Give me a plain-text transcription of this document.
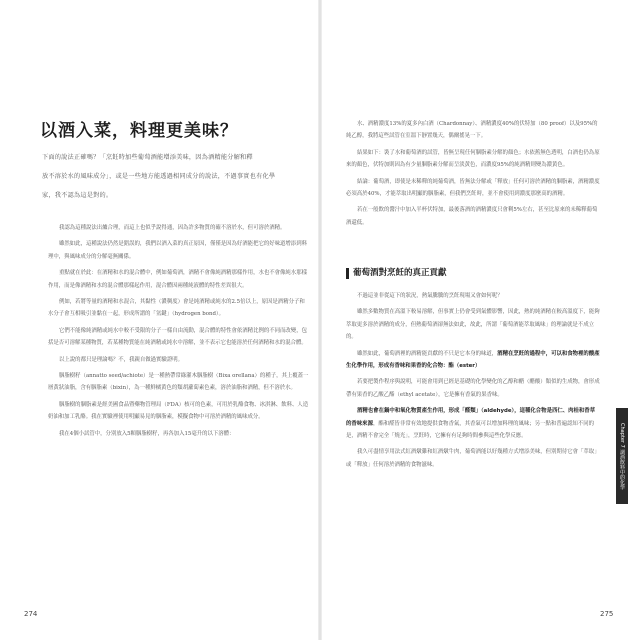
以酒入菜，料理更美味？

下面的說法正確嗎？「烹飪時加些葡萄酒能增添美味，因為酒精能分解和釋

放不溶於水的風味成分」，或是一些地方能透過相同成分的說法，不過事實也有化學

家，我不認為這是對的。

我認為這種說法出爐合理，而這上也似乎說得通，因為許多物質的確不溶於水，但可溶於酒精。

雖然如此，這種說法仍然是錯誤的，我們以酒入菜的真正原因，僅僅是因為好酒能把它的好味道增添到料理中，與風味成分的分解毫無關係。

重點就在於此：在酒精和水的混合體中，例如葡萄酒，酒精不會像純酒精那樣作用，水也不會像純水那樣作用，而是像酒精和水的混合體那樣起作用，混合體因兩種純液體的特性差異很大。

例如，若將等量的酒精和水混合，其黏性（濃稠度）會是純酒精或純水的2.5倍以上，原因是酒精分子和水分子會互相吸引並黏在一起，形成所謂的「氫鍵」（hydrogen bond）。

它們不能像純酒精或純水中較不受限的分子一樣自由流動，混合體的特性會依酒精比例的不同而改變，包括是否可溶解某種物質，若某種物質能在純酒精或純水中溶解，並不表示它也能溶於任何酒精和水的混合體。

以上說的都只是理論嗎？不，我親自做過實驗證明。

胭脂樹籽（annatto seed/achiote）是一種熱帶常綠灌木胭脂樹（Bixa orellana）的種子，其上覆蓋一層黃狀油脂，含有胭脂素（bixin），為一種鮮橘黃色的類胡蘿蔔素色素，溶於油脂和酒精，但不溶於水。

胭脂樹的胭脂素是經美國食品暨藥物管理局（FDA）核可的色素，可用於乳酪食物、冰淇淋、飲料、人造奶油和加工乳酪。我在實驗裡使用明顯易見的胭脂素，模擬食物中可溶於酒精的風味成分。

我在4個小試管中，分別放入5顆胭脂樹籽，再各加入15毫升的以下溶體：

274

水、酒精濃度13%的夏多內白酒（Chardonnay）、酒精濃度40%的伏特加（80 proof）以及95%的純乙醇，我將這些試管在室溫下靜置幾天，偶爾搖晃一下。

結果如下：裝了水和葡萄酒的試管，皆無呈現任何胭脂素分解的顏色；水依舊無色透明，白酒也仍為原來的顏色，伏特加則因為有少量胭脂素分解而呈淡黃色，而濃度95%的純酒精則變為濃黃色。

結論：葡萄酒，即使是未稀釋的純葡萄酒，皆無法分解或「釋放」任何可溶於酒精的胭脂素，酒精濃度必須高於40%，才能萃取出明顯的胭脂素，但我們烹飪時，並不會使用到濃度那麼高的酒精。

若在一般飲的醬汁中加入半杯伏特加，最後落酒的酒精濃度只會剩5%左右，甚至比原來的未稀釋葡萄酒還低。

葡萄酒對烹飪的真正貢獻

不過這並非從這下的狀況，熱氣騰騰的烹飪現場又會如何呢？

雖然多數物質在高溫下較易溶解，但事實上仍會受到氣體影響，因此，熱的純酒精在較高溫度下，能夠萃取更多溶於酒精的成分，但熱葡萄酒卻無法如此，故此，所謂「葡萄酒能萃取風味」的理論就是不成立的。

雖然如此，葡萄酒裡的酒精能貢獻的不只是它本身的味道，酒精在烹飪的過程中，可以和食物裡的酸產生化學作用，形成有香味和果香的化合物：酯（ester）

若要把製作程序與說明，可能會用到已經是基礎的化學變化的乙醇和醋（醋酸）類似的生成物，會形成帶有果香的乙酸乙酯（ethyl acetate），它是擁有香氣的果香味。

酒精也會在鍋中和氧化物質產生作用，形成「醛類」（aldehyde），這種化合物是西仁、肉桂和香草的香味來源，酯和醛皆非常有效地提供食物香氣，其香氣可以增加料理的風味；另一點和普遍認知不同的是，酒精不會完全「燒光」，烹飪時，它擁有有足夠時間參與這些化學反應。

我久可盡情享用法式紅酒燉雞和紅酒燉牛肉，葡萄酒能以好幾種方式增添美味，但別期待它會「萃取」或「釋放」任何溶於酒精的食物滋味。	Chapter 7 調酒飲料中的化學
275
